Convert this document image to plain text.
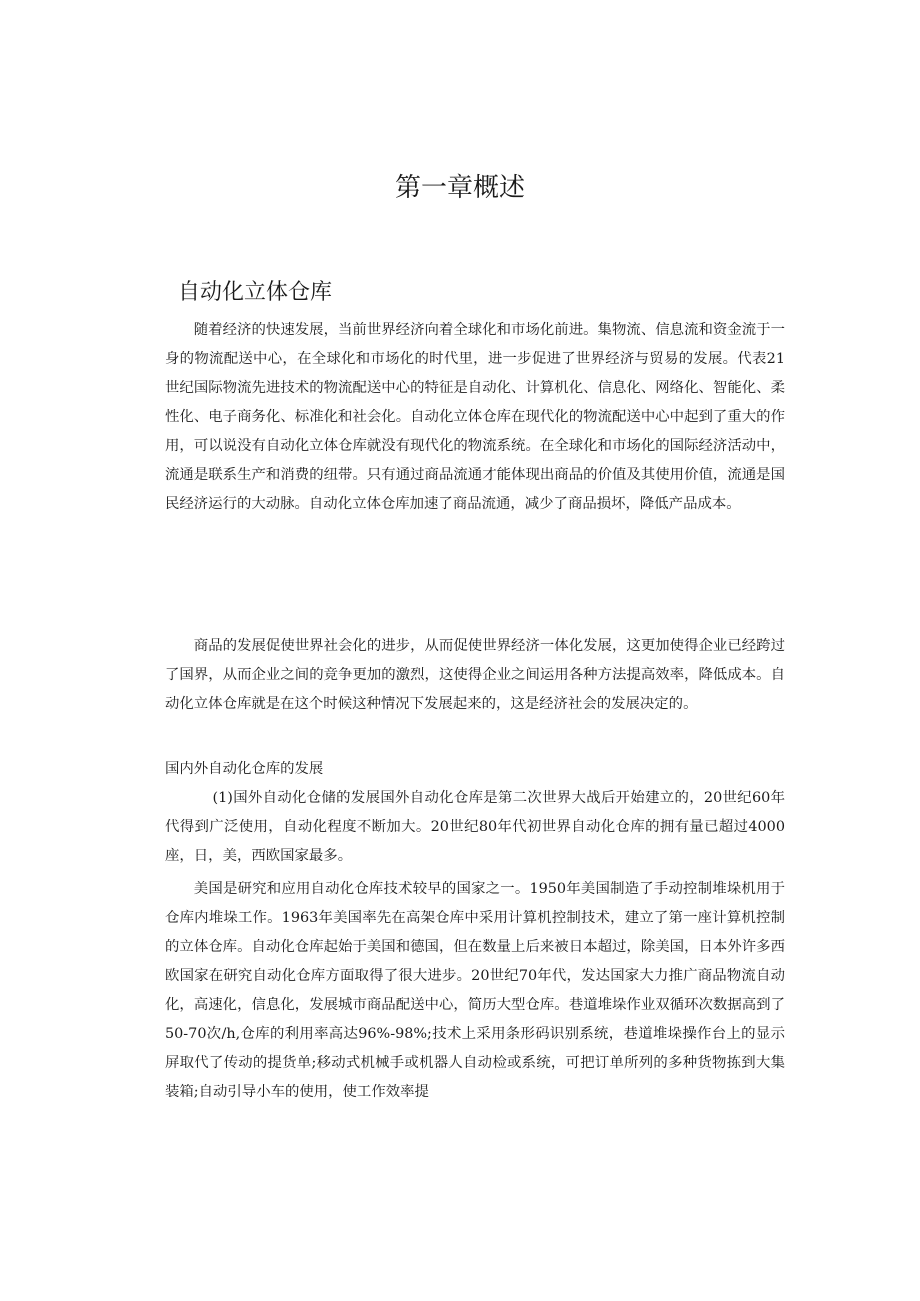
第一章概述
自动化立体仓库

随着经济的快速发展，当前世界经济向着全球化和市场化前进。集物流、信息流和资金流于一身的物流配送中心，在全球化和市场化的时代里，进一步促进了世界经济与贸易的发展。代表21世纪国际物流先进技术的物流配送中心的特征是自动化、计算机化、信息化、网络化、智能化、柔性化、电子商务化、标准化和社会化。自动化立体仓库在现代化的物流配送中心中起到了重大的作用，可以说没有自动化立体仓库就没有现代化的物流系统。在全球化和市场化的国际经济活动中，流通是联系生产和消费的纽带。只有通过商品流通才能体现出商品的价值及其使用价值，流通是国民经济运行的大动脉。自动化立体仓库加速了商品流通，减少了商品损坏，降低产品成本。

商品的发展促使世界社会化的进步，从而促使世界经济一体化发展，这更加使得企业已经跨过了国界，从而企业之间的竞争更加的激烈，这使得企业之间运用各种方法提高效率，降低成本。自动化立体仓库就是在这个时候这种情况下发展起来的，这是经济社会的发展决定的。

国内外自动化仓库的发展

(1)国外自动化仓储的发展国外自动化仓库是第二次世界大战后开始建立的，20世纪60年代得到广泛使用，自动化程度不断加大。20世纪80年代初世界自动化仓库的拥有量已超过4000座，日，美，西欧国家最多。

美国是研究和应用自动化仓库技术较早的国家之一。1950年美国制造了手动控制堆垛机用于仓库内堆垛工作。1963年美国率先在高架仓库中采用计算机控制技术，建立了第一座计算机控制的立体仓库。自动化仓库起始于美国和德国，但在数量上后来被日本超过，除美国，日本外许多西欧国家在研究自动化仓库方面取得了很大进步。20世纪70年代，发达国家大力推广商品物流自动化，高速化，信息化，发展城市商品配送中心，简历大型仓库。巷道堆垛作业双循环次数据高到了50-70次/h,仓库的利用率高达96%-98%;技术上采用条形码识别系统，巷道堆垛操作台上的显示屏取代了传动的提货单;移动式机械手或机器人自动检或系统，可把订单所列的多种货物拣到大集装箱;自动引导小车的使用，使工作效率提
